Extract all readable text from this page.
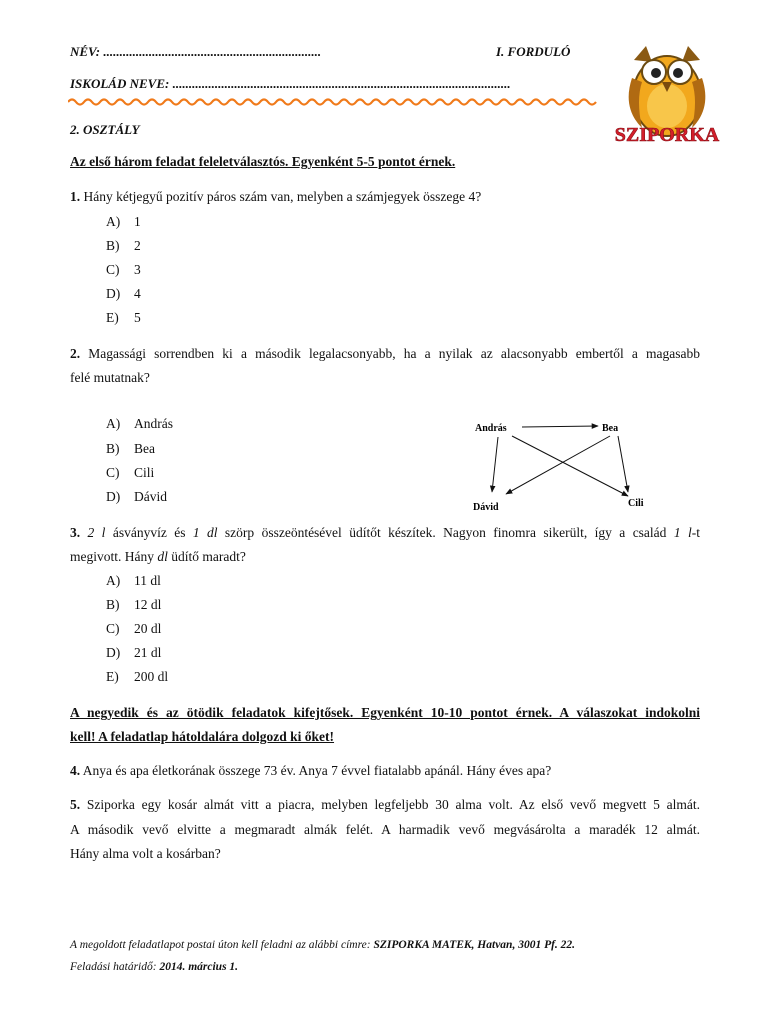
NÉV: ...................................................................	I. FORDULÓ
ISKOLÁD NEVE: ........................................................................................................
SZIPORKA
2. OSZTÁLY
Az első három feladat feleletválasztós. Egyenként 5-5 pontot érnek.
1. Hány kétjegyű pozitív páros szám van, melyben a számjegyek összege 4?
A) 1
B) 2
C) 3
D) 4
E) 5
2. Magassági sorrendben ki a második legalacsonyabb, ha a nyilak az alacsonyabb embertől a magasabb
felé mutatnak?
A) András
B) Bea
C) Cili
D) Dávid
András	Bea
Dávid	Cili
3. 2 l ásványvíz és 1 dl szörp összeöntésével üdítőt készítek. Nagyon finomra sikerült, így a család 1 l-t
megivott. Hány dl üdítő maradt?
A) 11 dl
B) 12 dl
C) 20 dl
D) 21 dl
E) 200 dl
A negyedik és az ötödik feladatok kifejtősek. Egyenként 10-10 pontot érnek. A válaszokat indokolni
kell! A feladatlap hátoldalára dolgozd ki őket!
4. Anya és apa életkorának összege 73 év. Anya 7 évvel fiatalabb apánál. Hány éves apa?
5. Sziporka egy kosár almát vitt a piacra, melyben legfeljebb 30 alma volt. Az első vevő megvett 5 almát.
A második vevő elvitte a megmaradt almák felét. A harmadik vevő megvásárolta a maradék 12 almát.
Hány alma volt a kosárban?
A megoldott feladatlapot postai úton kell feladni az alábbi címre: SZIPORKA MATEK, Hatvan, 3001 Pf. 22.
Feladási határidő: 2014. március 1.
